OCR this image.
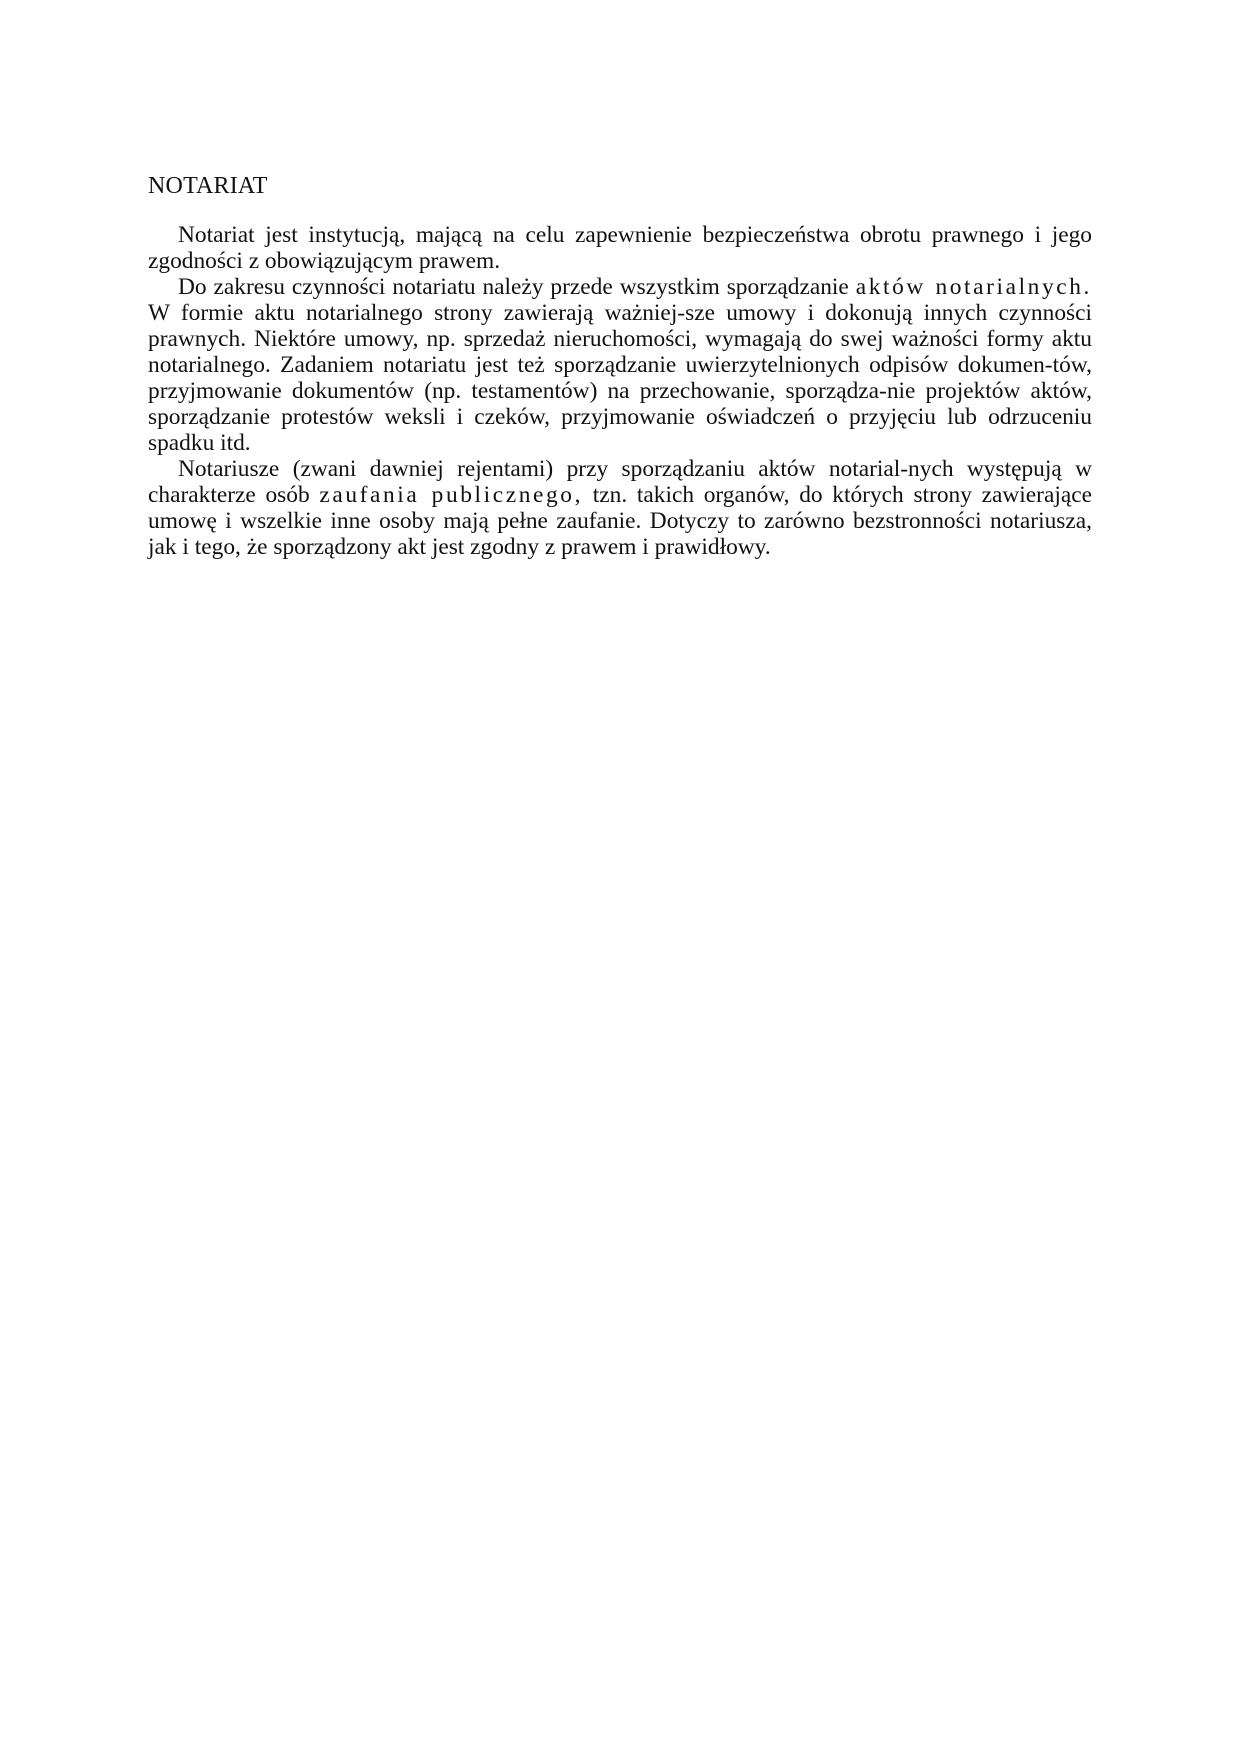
NOTARIAT

Notariat jest instytucją, mającą na celu zapewnienie bezpieczeństwa obrotu prawnego i jego zgodności z obowiązującym prawem.

Do zakresu czynności notariatu należy przede wszystkim sporządzanie aktów notarialnych. W formie aktu notarialnego strony zawierają ważniej-sze umowy i dokonują innych czynności prawnych. Niektóre umowy, np. sprzedaż nieruchomości, wymagają do swej ważności formy aktu notarialnego. Zadaniem notariatu jest też sporządzanie uwierzytelnionych odpisów dokumen-tów, przyjmowanie dokumentów (np. testamentów) na przechowanie, sporządza-nie projektów aktów, sporządzanie protestów weksli i czeków, przyjmowanie oświadczeń o przyjęciu lub odrzuceniu spadku itd.

Notariusze (zwani dawniej rejentami) przy sporządzaniu aktów notarial-nych występują w charakterze osób zaufania publicznego, tzn. takich organów, do których strony zawierające umowę i wszelkie inne osoby mają pełne zaufanie. Dotyczy to zarówno bezstronności notariusza, jak i tego, że sporządzony akt jest zgodny z prawem i prawidłowy.
